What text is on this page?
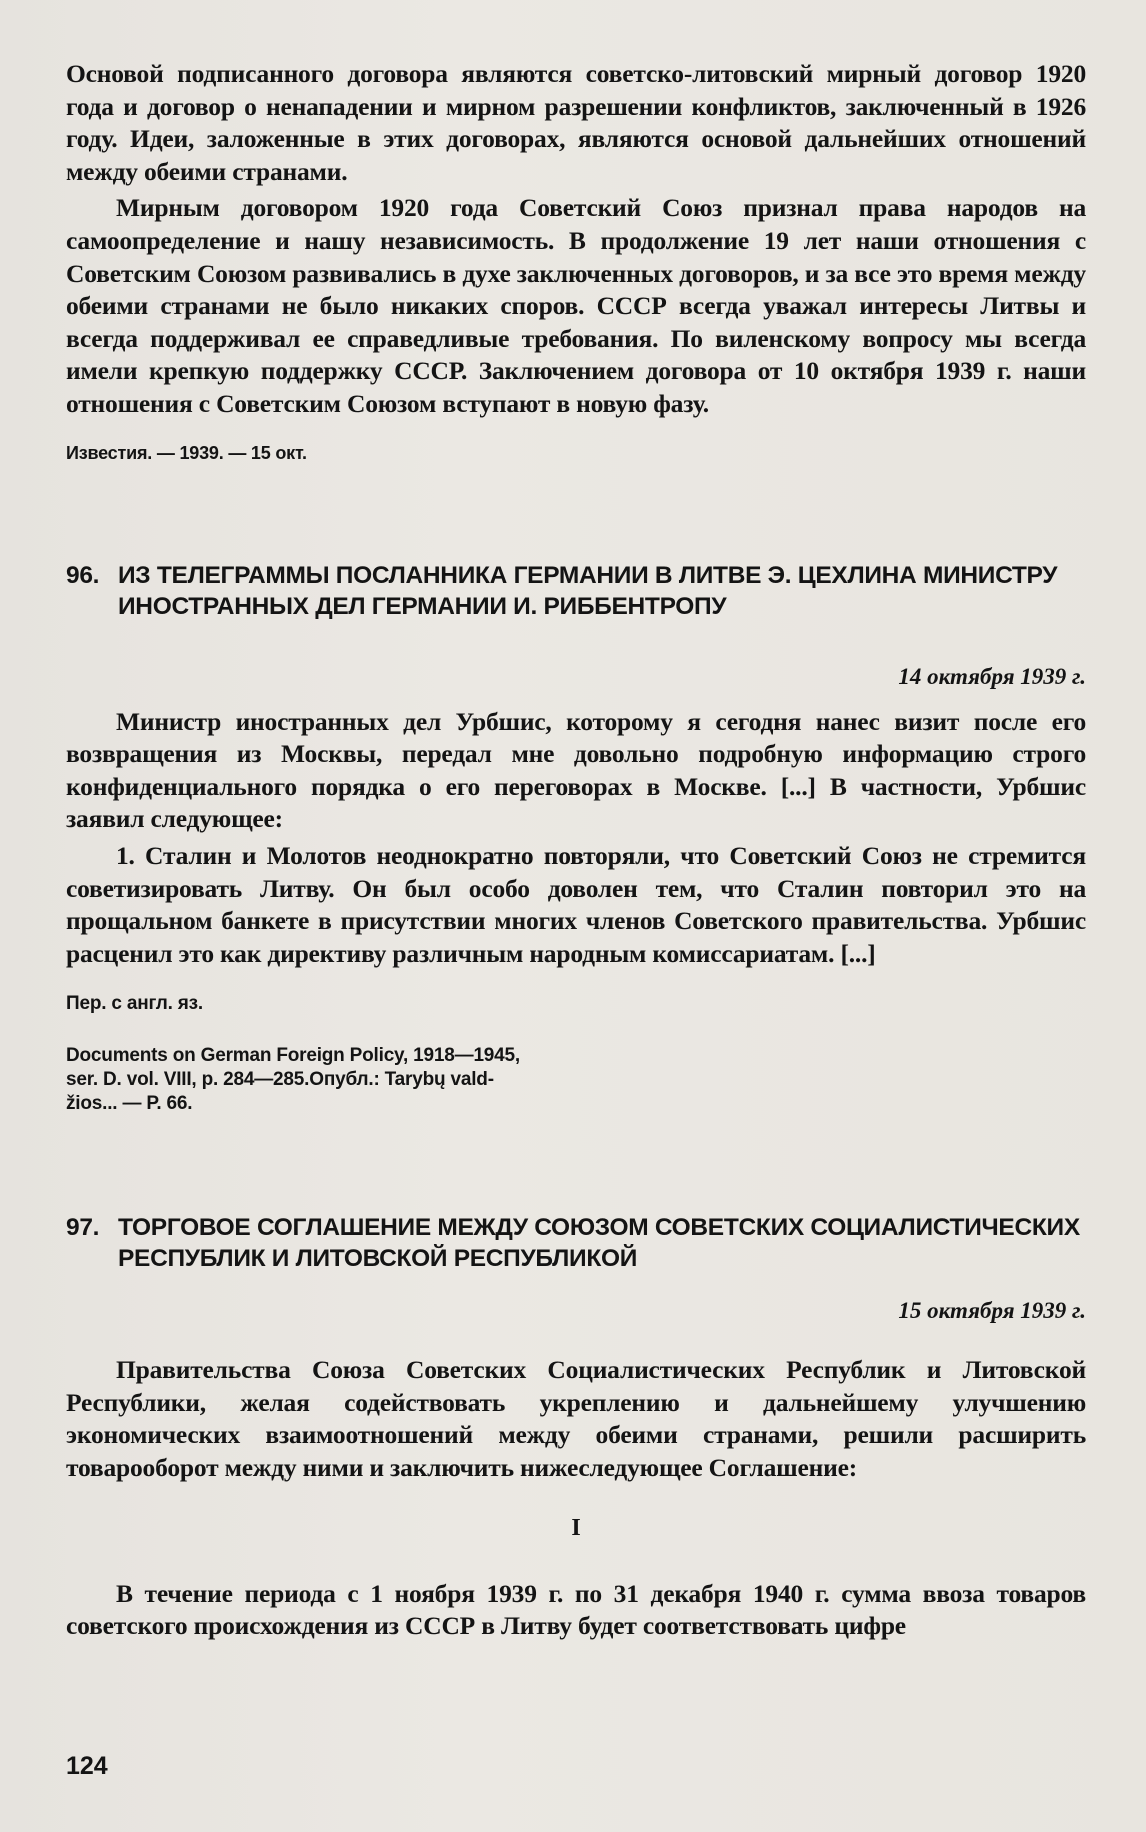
Основой подписанного договора являются советско-литовский мирный договор 1920 года и договор о ненападении и мирном разрешении конфликтов, заключенный в 1926 году. Идеи, заложенные в этих договорах, являются основой дальнейших отношений между обеими странами.

Мирным договором 1920 года Советский Союз признал права народов на самоопределение и нашу независимость. В продолжение 19 лет наши отношения с Советским Союзом развивались в духе заключенных договоров, и за все это время между обеими странами не было никаких споров. СССР всегда уважал интересы Литвы и всегда поддерживал ее справедливые требования. По виленскому вопросу мы всегда имели крепкую поддержку СССР. Заключением договора от 10 октября 1939 г. наши отношения с Советским Союзом вступают в новую фазу.

Известия. — 1939. — 15 окт.
96. ИЗ ТЕЛЕГРАММЫ ПОСЛАННИКА ГЕРМАНИИ В ЛИТВЕ Э. ЦЕХЛИНА МИНИСТРУ ИНОСТРАННЫХ ДЕЛ ГЕРМАНИИ И. РИББЕНТРОПУ
14 октября 1939 г.

Министр иностранных дел Урбшис, которому я сегодня нанес визит после его возвращения из Москвы, передал мне довольно подробную информацию строго конфиденциального порядка о его переговорах в Москве. [...] В частности, Урбшис заявил следующее:

1. Сталин и Молотов неоднократно повторяли, что Советский Союз не стремится советизировать Литву. Он был особо доволен тем, что Сталин повторил это на прощальном банкете в присутствии многих членов Советского правительства. Урбшис расценил это как директиву различным народным комиссариатам. [...]

Пер. с англ. яз.
Documents on German Foreign Policy, 1918—1945,
ser. D. vol. VIII, p. 284—285.Опубл.: Tarybų vald-
žios... — P. 66.
97. ТОРГОВОЕ СОГЛАШЕНИЕ МЕЖДУ СОЮЗОМ СОВЕТСКИХ СОЦИАЛИСТИЧЕСКИХ РЕСПУБЛИК И ЛИТОВСКОЙ РЕСПУБЛИКОЙ
15 октября 1939 г.

Правительства Союза Советских Социалистических Республик и Литовской Республики, желая содействовать укреплению и дальнейшему улучшению экономических взаимоотношений между обеими странами, решили расширить товарооборот между ними и заключить нижеследующее Соглашение:

I

В течение периода с 1 ноября 1939 г. по 31 декабря 1940 г. сумма ввоза товаров советского происхождения из СССР в Литву будет соответствовать цифре

124
